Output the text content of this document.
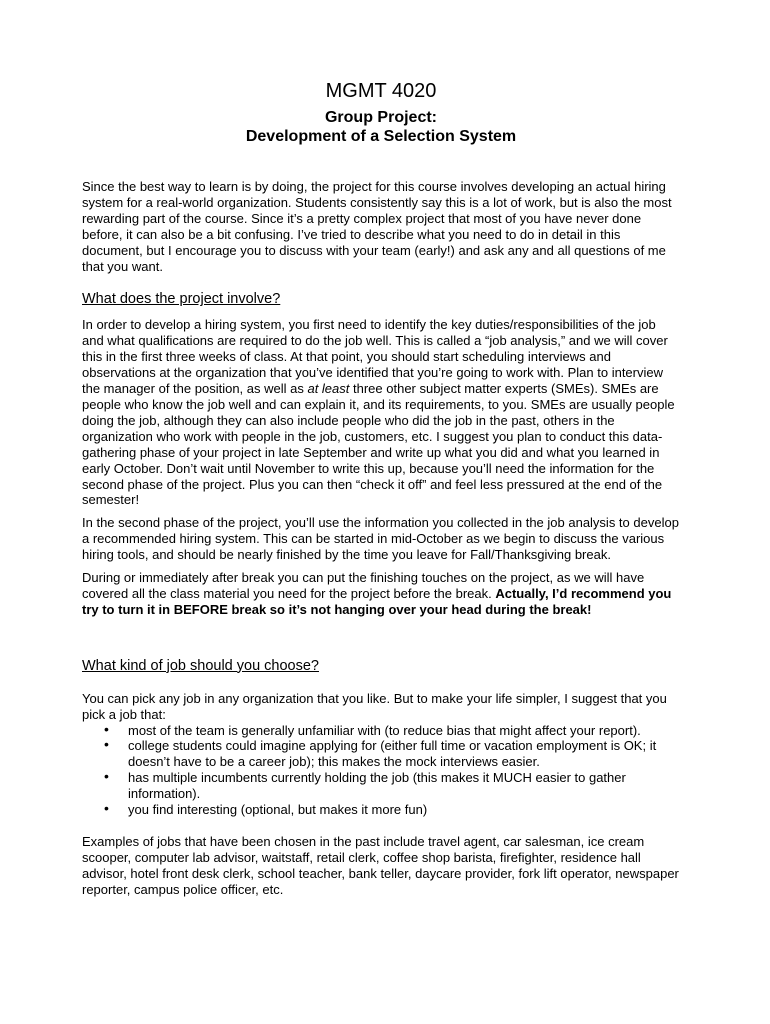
MGMT 4020

Group Project:
Development of a Selection System

Since the best way to learn is by doing, the project for this course involves developing an actual hiring system for a real-world organization. Students consistently say this is a lot of work, but is also the most rewarding part of the course. Since it’s a pretty complex project that most of you have never done before, it can also be a bit confusing. I’ve tried to describe what you need to do in detail in this document, but I encourage you to discuss with your team (early!) and ask any and all questions of me that you want.

What does the project involve?

In order to develop a hiring system, you first need to identify the key duties/responsibilities of the job and what qualifications are required to do the job well. This is called a “job analysis,” and we will cover this in the first three weeks of class. At that point, you should start scheduling interviews and observations at the organization that you’ve identified that you’re going to work with. Plan to interview the manager of the position, as well as at least three other subject matter experts (SMEs). SMEs are people who know the job well and can explain it, and its requirements, to you. SMEs are usually people doing the job, although they can also include people who did the job in the past, others in the organization who work with people in the job, customers, etc. I suggest you plan to conduct this data-gathering phase of your project in late September and write up what you did and what you learned in early October. Don’t wait until November to write this up, because you’ll need the information for the second phase of the project. Plus you can then “check it off” and feel less pressured at the end of the semester!

In the second phase of the project, you’ll use the information you collected in the job analysis to develop a recommended hiring system. This can be started in mid-October as we begin to discuss the various hiring tools, and should be nearly finished by the time you leave for Fall/Thanksgiving break.

During or immediately after break you can put the finishing touches on the project, as we will have covered all the class material you need for the project before the break. Actually, I’d recommend you try to turn it in BEFORE break so it’s not hanging over your head during the break!

What kind of job should you choose?

You can pick any job in any organization that you like. But to make your life simpler, I suggest that you pick a job that:

• most of the team is generally unfamiliar with (to reduce bias that might affect your report).
• college students could imagine applying for (either full time or vacation employment is OK; it doesn’t have to be a career job); this makes the mock interviews easier.
• has multiple incumbents currently holding the job (this makes it MUCH easier to gather information).
• you find interesting (optional, but makes it more fun)

Examples of jobs that have been chosen in the past include travel agent, car salesman, ice cream scooper, computer lab advisor, waitstaff, retail clerk, coffee shop barista, firefighter, residence hall advisor, hotel front desk clerk, school teacher, bank teller, daycare provider, fork lift operator, newspaper reporter, campus police officer, etc.
